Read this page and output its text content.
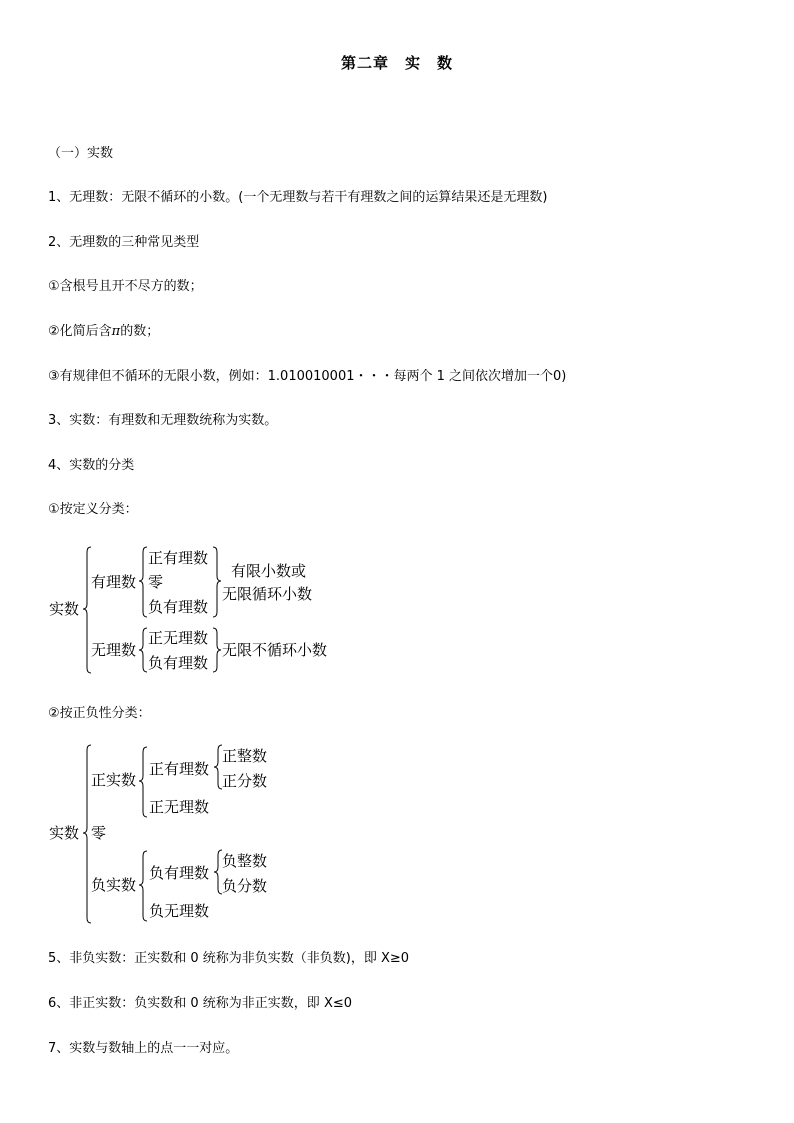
第二章 实 数
（一）实数
1、无理数：无限不循环的小数。(一个无理数与若干有理数之间的运算结果还是无理数)
2、无理数的三种常见类型
①含根号且开不尽方的数；
②化简后含π的数；
③有规律但不循环的无限小数，例如：1.010010001・・・每两个 1 之间依次增加一个0)
3、实数：有理数和无理数统称为实数。
4、实数的分类
①按定义分类：
实数
有理数
正有理数
零
负有理数
有限小数或
无限循环小数
无理数
正无理数
负有理数
无限不循环小数
②按正负性分类：
实数
正实数
正有理数
正整数
正分数
正无理数
零
负实数
负有理数
负整数
负分数
负无理数
5、非负实数：正实数和 0 统称为非负实数（非负数)，即 X≥0
6、非正实数：负实数和 0 统称为非正实数，即 X≤0
7、实数与数轴上的点一一对应。
